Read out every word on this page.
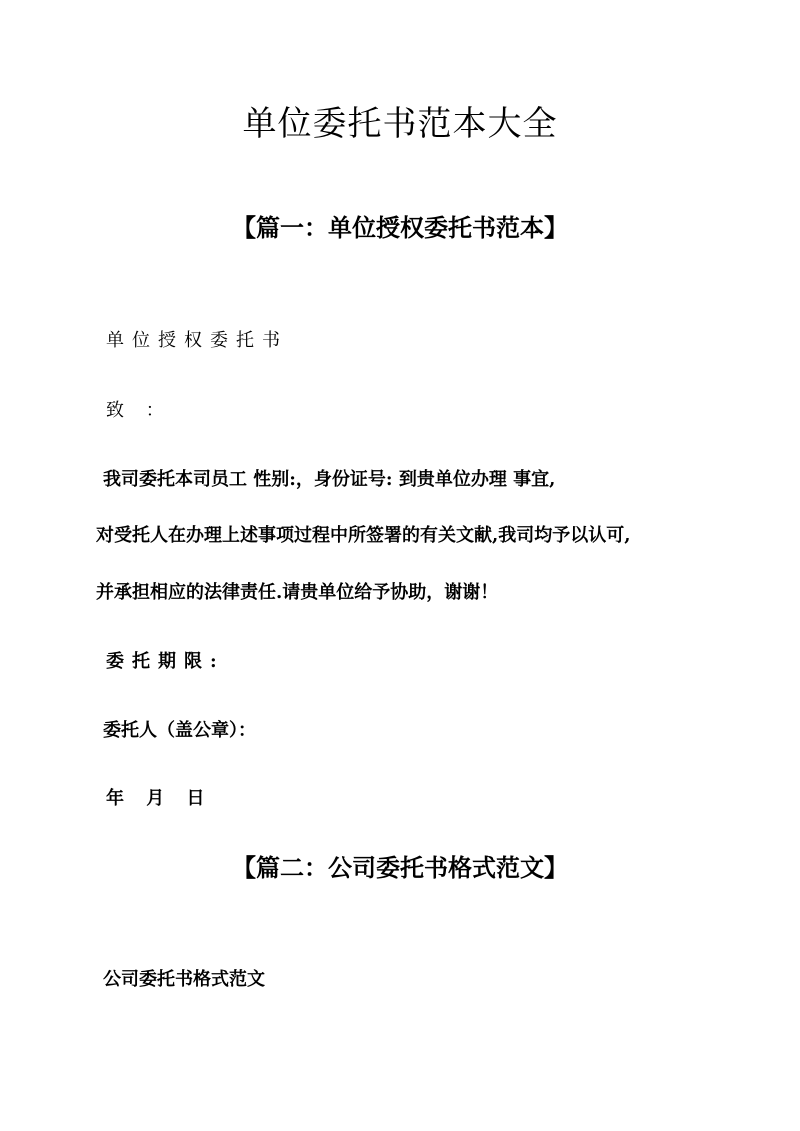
单位委托书范本大全
【篇一：单位授权委托书范本】

单位授权委托书

致 ：

我司委托本司员工 性别:，身份证号: 到贵单位办理 事宜,

对受托人在办理上述事项过程中所签署的有关文献,我司均予以认可,

并承担相应的法律责任.请贵单位给予协助，谢谢！

委托期限:

委托人（盖公章）：

年 月 日

【篇二：公司委托书格式范文】

公司委托书格式范文
